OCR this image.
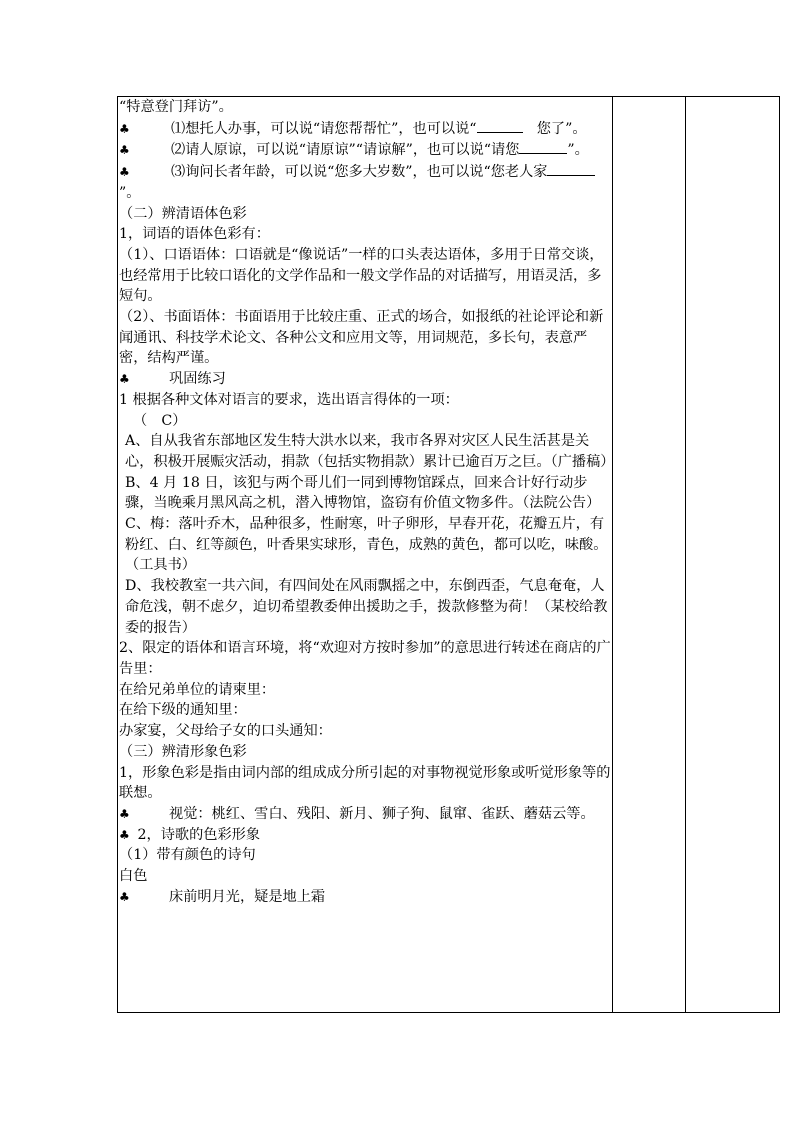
“特意登门拜访”。

♣	⑴想托人办事，可以说“请您帮帮忙”，也可以说“	　您了”。

♣	⑵请人原谅，可以说“请原谅”“请谅解”，也可以说“请您	”。

♣	⑶询问长者年龄，可以说“您多大岁数”，也可以说“您老人家”。

（二）辨清语体色彩

1，词语的语体色彩有：

（1）、口语语体：口语就是“像说话”一样的口头表达语体，多用于日常交谈，也经常用于比较口语化的文学作品和一般文学作品的对话描写，用语灵活，多短句。

（2）、书面语体：书面语用于比较庄重、正式的场合，如报纸的社论评论和新闻通讯、科技学术论文、各种公文和应用文等，用词规范，多长句，表意严密，结构严谨。

♣	巩固练习

1 根据各种文体对语言的要求，选出语言得体的一项：

（　C）

A、自从我省东部地区发生特大洪水以来，我市各界对灾区人民生活甚是关心，积极开展赈灾活动，捐款（包括实物捐款）累计已逾百万之巨。（广播稿）

B、4 月 18 日，该犯与两个哥儿们一同到博物馆踩点，回来合计好行动步骤，当晚乘月黑风高之机，潜入博物馆，盗窃有价值文物多件。（法院公告）

C、梅：落叶乔木，品种很多，性耐寒，叶子卵形，早春开花，花瓣五片，有粉红、白、红等颜色，叶香果实球形，青色，成熟的黄色，都可以吃，味酸。（工具书）

D、我校教室一共六间，有四间处在风雨飘摇之中，东倒西歪，气息奄奄，人命危浅，朝不虑夕，迫切希望教委伸出援助之手，拨款修整为荷！（某校给教委的报告）

2、限定的语体和语言环境，将“欢迎对方按时参加”的意思进行转述在商店的广告里：

在给兄弟单位的请柬里：

在给下级的通知里：

办家宴，父母给子女的口头通知：

（三）辨清形象色彩

1，形象色彩是指由词内部的组成成分所引起的对事物视觉形象或听觉形象等的联想。

♣	视觉：桃红、雪白、残阳、新月、狮子狗、鼠窜、雀跃、蘑菇云等。

♣ 2，诗歌的色彩形象

（1）带有颜色的诗句

白色

♣	床前明月光，疑是地上霜
